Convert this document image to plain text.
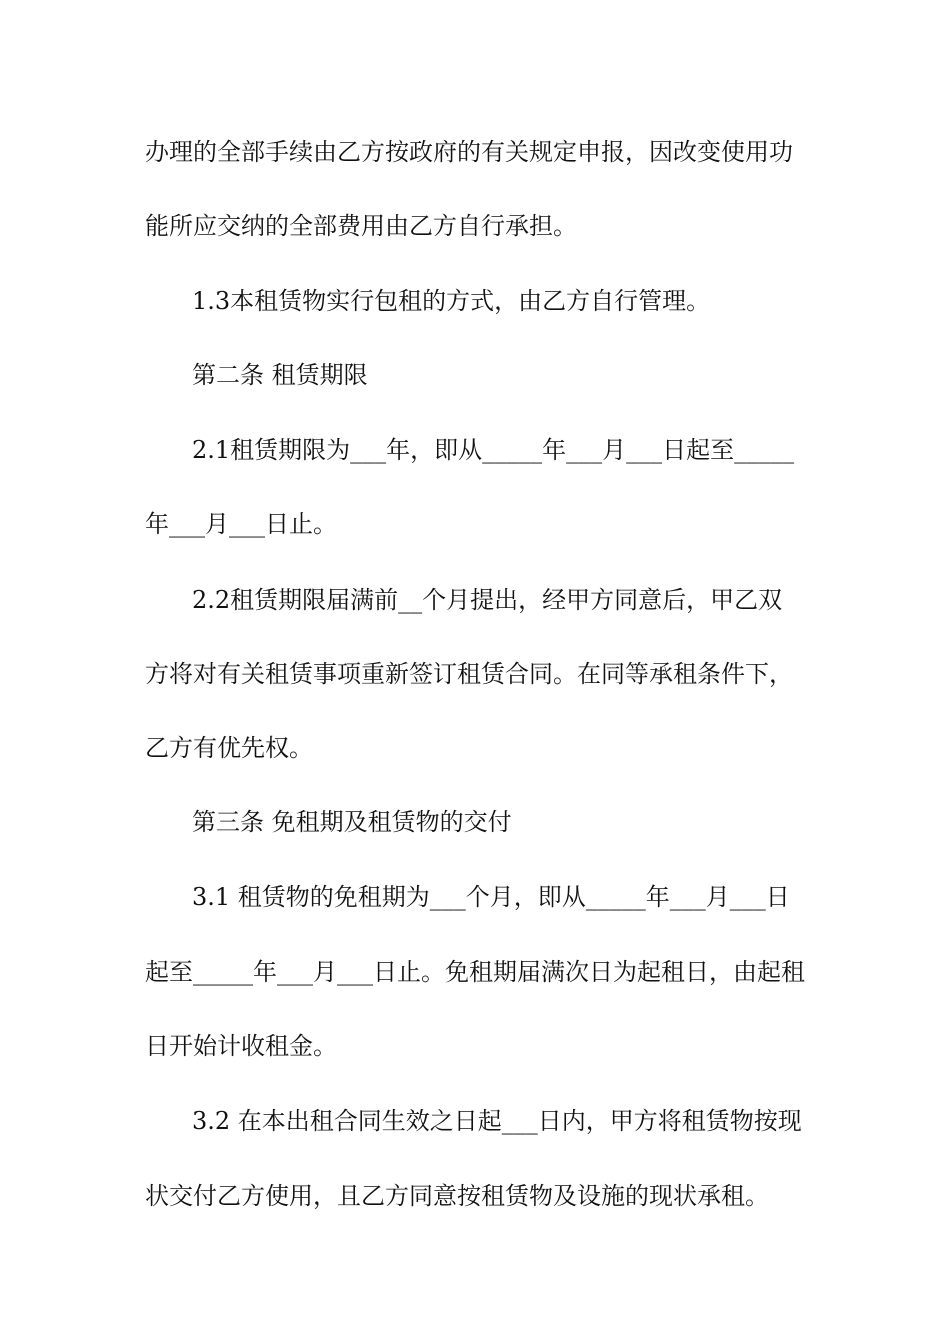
办理的全部手续由乙方按政府的有关规定申报，因改变使用功
能所应交纳的全部费用由乙方自行承担。
1.3本租赁物实行包租的方式，由乙方自行管理。
第二条 租赁期限
2.1租赁期限为___年，即从_____年___月___日起至_____
年___月___日止。
2.2租赁期限届满前__个月提出，经甲方同意后，甲乙双
方将对有关租赁事项重新签订租赁合同。在同等承租条件下，
乙方有优先权。
第三条 免租期及租赁物的交付
3.1 租赁物的免租期为___个月，即从_____年___月___日
起至_____年___月___日止。免租期届满次日为起租日，由起租
日开始计收租金。
3.2 在本出租合同生效之日起___日内，甲方将租赁物按现
状交付乙方使用，且乙方同意按租赁物及设施的现状承租。
